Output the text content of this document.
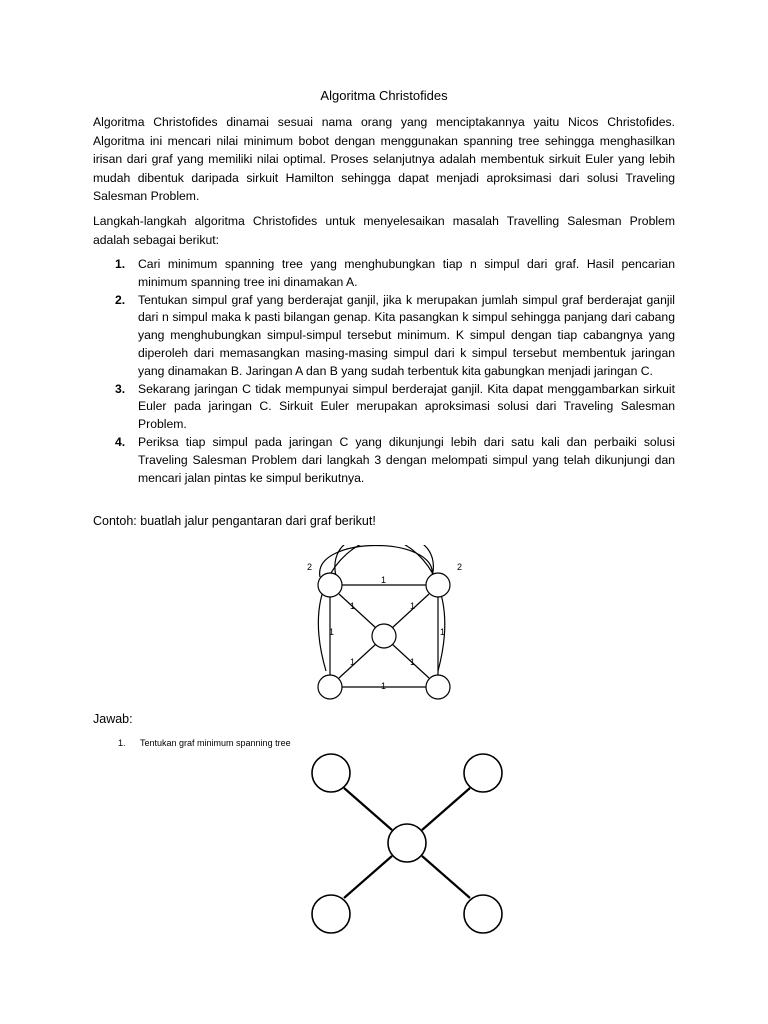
Algoritma Christofides
Algoritma Christofides dinamai sesuai nama orang yang menciptakannya yaitu Nicos Christofides. Algoritma ini mencari nilai minimum bobot dengan menggunakan spanning tree sehingga menghasilkan irisan dari graf yang memiliki nilai optimal. Proses selanjutnya adalah membentuk sirkuit Euler yang lebih mudah dibentuk daripada sirkuit Hamilton sehingga dapat menjadi aproksimasi dari solusi Traveling Salesman Problem.
Langkah-langkah algoritma Christofides untuk menyelesaikan masalah Travelling Salesman Problem adalah sebagai berikut:
1. Cari minimum spanning tree yang menghubungkan tiap n simpul dari graf. Hasil pencarian minimum spanning tree ini dinamakan A.
2. Tentukan simpul graf yang berderajat ganjil, jika k merupakan jumlah simpul graf berderajat ganjil dari n simpul maka k pasti bilangan genap. Kita pasangkan k simpul sehingga panjang dari cabang yang menghubungkan simpul-simpul tersebut minimum. K simpul dengan tiap cabangnya yang diperoleh dari memasangkan masing-masing simpul dari k simpul tersebut membentuk jaringan yang dinamakan B. Jaringan A dan B yang sudah terbentuk kita gabungkan menjadi jaringan C.
3. Sekarang jaringan C tidak mempunyai simpul berderajat ganjil. Kita dapat menggambarkan sirkuit Euler pada jaringan C. Sirkuit Euler merupakan aproksimasi solusi dari Traveling Salesman Problem.
4. Periksa tiap simpul pada jaringan C yang dikunjungi lebih dari satu kali dan perbaiki solusi Traveling Salesman Problem dari langkah 3 dengan melompati simpul yang telah dikunjungi dan mencari jalan pintas ke simpul berikutnya.
Contoh: buatlah jalur pengantaran dari graf berikut!
1
1
1	1
1	1
1	1
2	2
Jawab:
1. Tentukan graf minimum spanning tree
